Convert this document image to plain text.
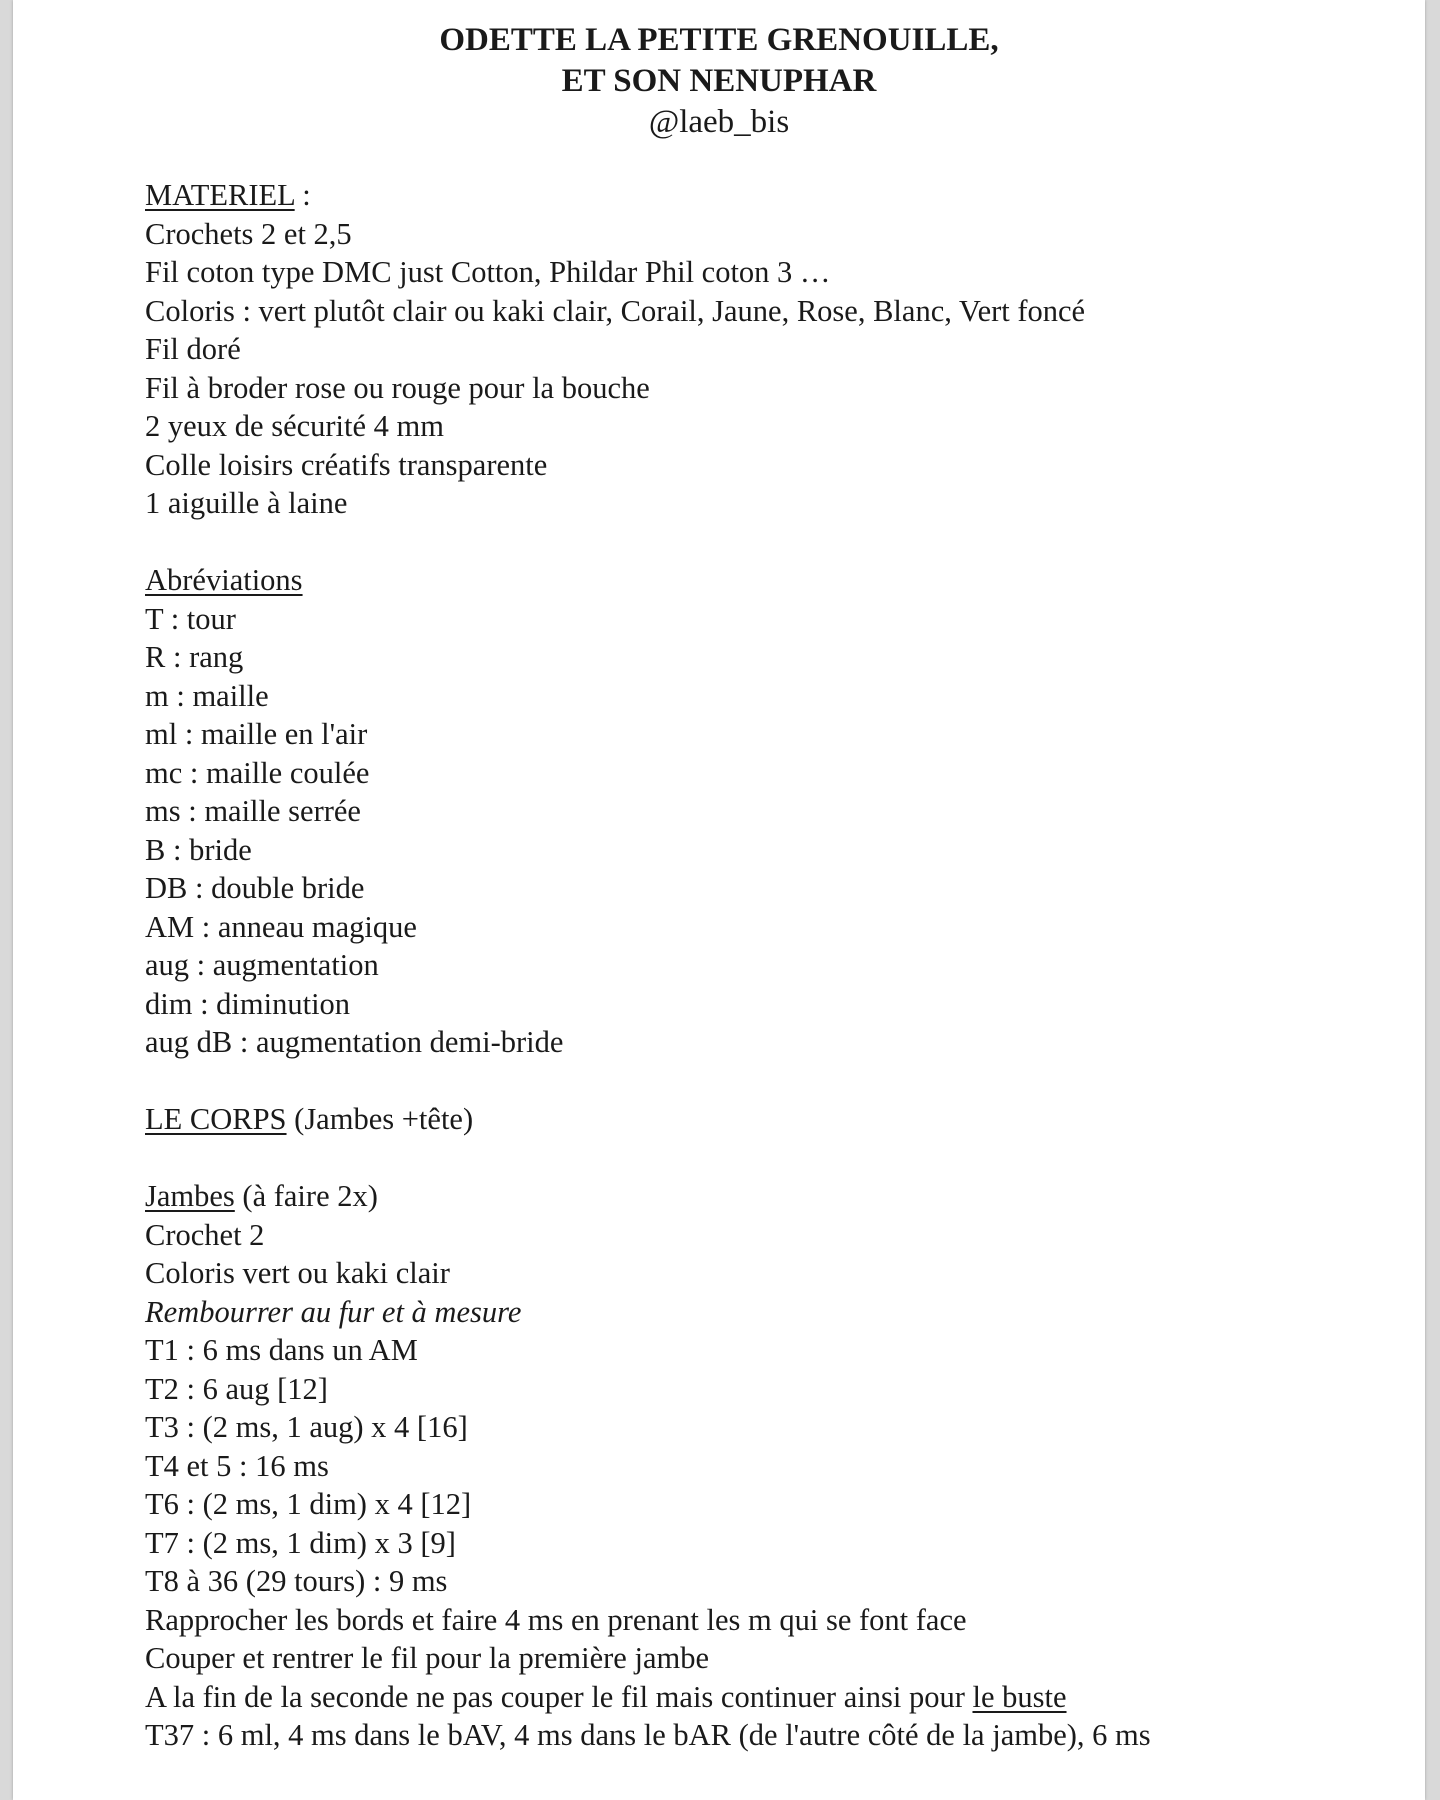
ODETTE LA PETITE GRENOUILLE,
ET SON NENUPHAR
@laeb_bis
MATERIEL :
Crochets 2 et 2,5
Fil coton type DMC just Cotton, Phildar Phil coton 3 …
Coloris : vert plutôt clair ou kaki clair, Corail, Jaune, Rose, Blanc, Vert foncé
Fil doré
Fil à broder rose ou rouge pour la bouche
2 yeux de sécurité 4 mm
Colle loisirs créatifs transparente
1 aiguille à laine
Abréviations
T : tour
R : rang
m : maille
ml : maille en l'air
mc : maille coulée
ms : maille serrée
B : bride
DB : double bride
AM : anneau magique
aug : augmentation
dim : diminution
aug dB : augmentation demi-bride
LE CORPS (Jambes +tête)
Jambes (à faire 2x)
Crochet 2
Coloris vert ou kaki clair
Rembourrer au fur et à mesure
T1 : 6 ms dans un AM
T2 : 6 aug [12]
T3 : (2 ms, 1 aug) x 4 [16]
T4 et 5 : 16 ms
T6 : (2 ms, 1 dim) x 4 [12]
T7 : (2 ms, 1 dim) x 3 [9]
T8 à 36 (29 tours) : 9 ms
Rapprocher les bords et faire 4 ms en prenant les m qui se font face
Couper et rentrer le fil pour la première jambe
A la fin de la seconde ne pas couper le fil mais continuer ainsi pour le buste
T37 : 6 ml, 4 ms dans le bAV, 4 ms dans le bAR (de l'autre côté de la jambe), 6 ms
